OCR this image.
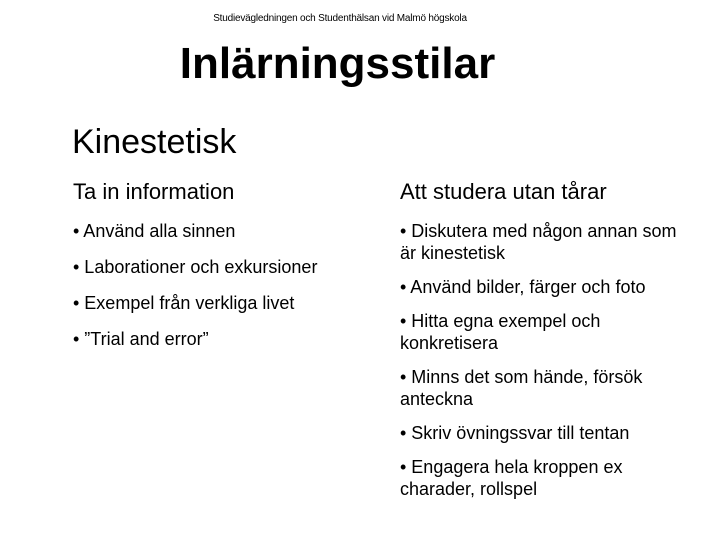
Studievägledningen och Studenthälsan vid Malmö högskola
Inlärningsstilar
Kinestetisk
Ta in information
• Använd alla sinnen
• Laborationer och exkursioner
• Exempel från verkliga livet
• ”Trial and error”
Att studera utan tårar
• Diskutera med någon annan som är kinestetisk
• Använd bilder, färger och foto
• Hitta egna exempel och konkretisera
• Minns det som hände, försök anteckna
• Skriv övningssvar till tentan
• Engagera hela kroppen ex charader, rollspel
